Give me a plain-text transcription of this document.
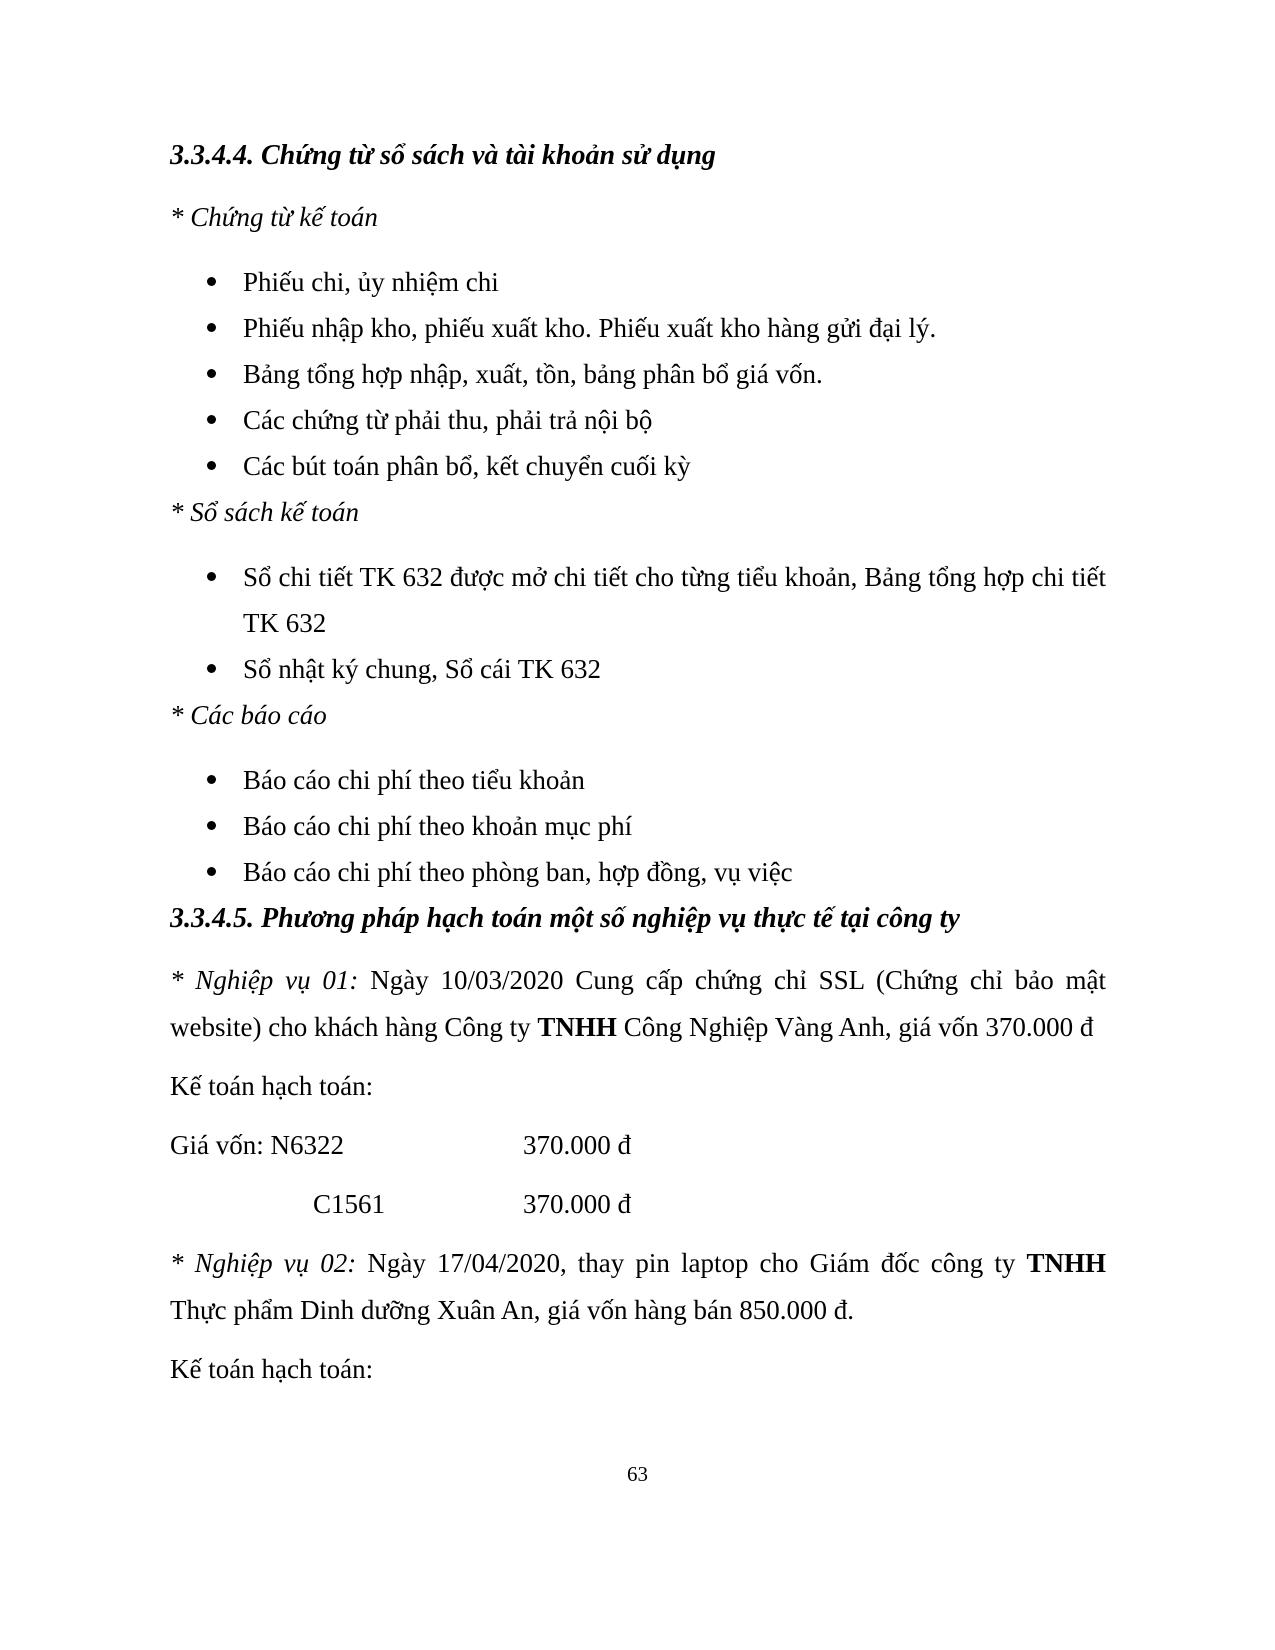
3.3.4.4. Chứng từ sổ sách và tài khoản sử dụng

* Chứng từ kế toán

Phiếu chi, ủy nhiệm chi
Phiếu nhập kho, phiếu xuất kho. Phiếu xuất kho hàng gửi đại lý.
Bảng tổng hợp nhập, xuất, tồn, bảng phân bổ giá vốn.
Các chứng từ phải thu, phải trả nội bộ
Các bút toán phân bổ, kết chuyển cuối kỳ

* Sổ sách kế toán

Sổ chi tiết TK 632 được mở chi tiết cho từng tiểu khoản, Bảng tổng hợp chi tiết TK 632
Sổ nhật ký chung, Sổ cái TK 632

* Các báo cáo

Báo cáo chi phí theo tiểu khoản
Báo cáo chi phí theo khoản mục phí
Báo cáo chi phí theo phòng ban, hợp đồng, vụ việc
3.3.4.5. Phương pháp hạch toán một số nghiệp vụ thực tế tại công ty

* Nghiệp vụ 01: Ngày 10/03/2020 Cung cấp chứng chỉ SSL (Chứng chỉ bảo mật website) cho khách hàng Công ty TNHH Công Nghiệp Vàng Anh, giá vốn 370.000 đ

Kế toán hạch toán:

Giá vốn: N6322	370.000 đ
C1561	370.000 đ

* Nghiệp vụ 02: Ngày 17/04/2020, thay pin laptop cho Giám đốc công ty TNHH Thực phẩm Dinh dưỡng Xuân An, giá vốn hàng bán 850.000 đ.

Kế toán hạch toán:

63
